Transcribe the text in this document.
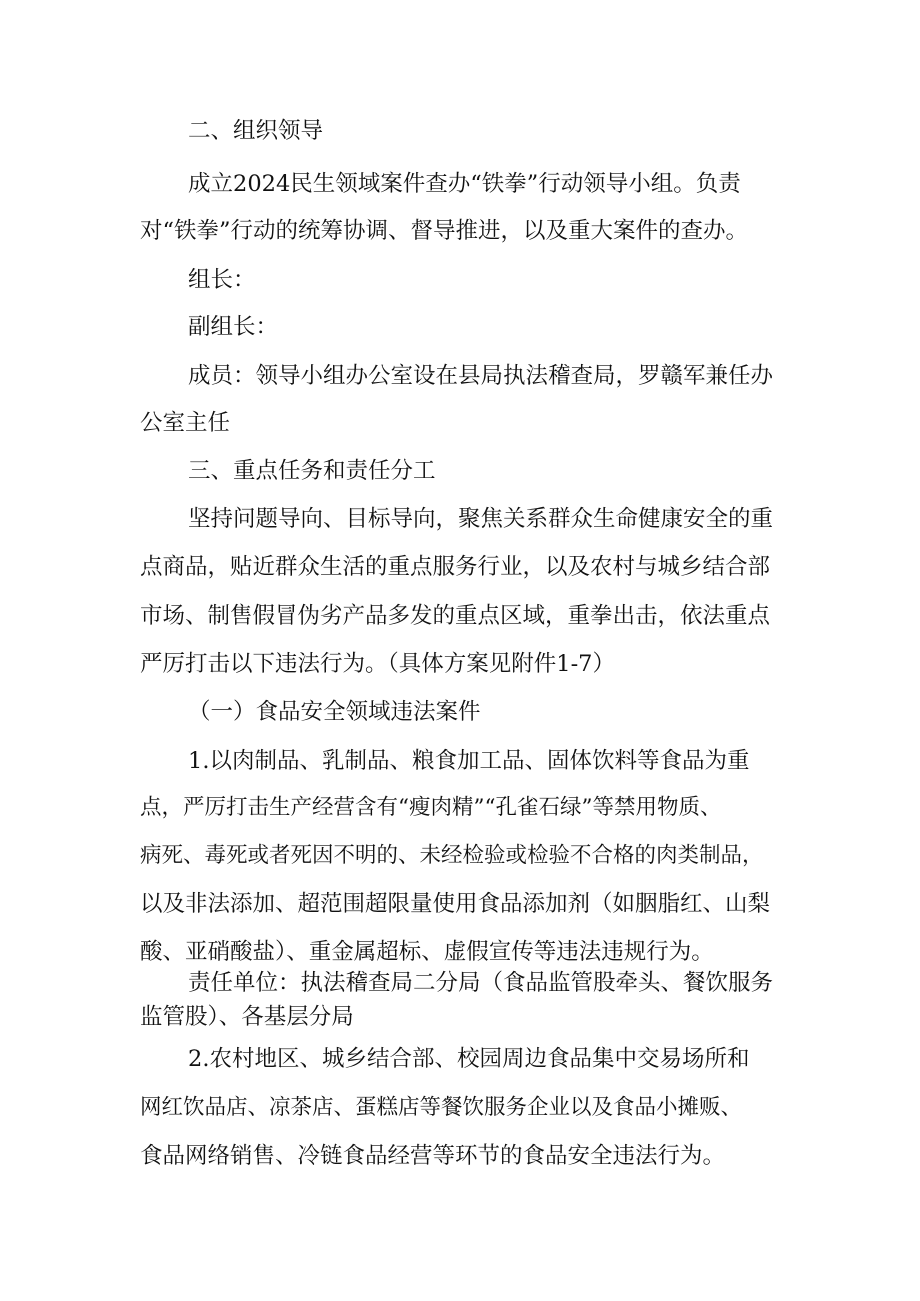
二、组织领导
成立2024民生领域案件查办“铁拳”行动领导小组。负责
对“铁拳”行动的统筹协调、督导推进，以及重大案件的查办。
组长：
副组长：
成员：领导小组办公室设在县局执法稽查局，罗赣军兼任办
公室主任
三、重点任务和责任分工
坚持问题导向、目标导向，聚焦关系群众生命健康安全的重
点商品，贴近群众生活的重点服务行业，以及农村与城乡结合部
市场、制售假冒伪劣产品多发的重点区域，重拳出击，依法重点
严厉打击以下违法行为。（具体方案见附件1-7）
（一）食品安全领域违法案件
1.以肉制品、乳制品、粮食加工品、固体饮料等食品为重
点，严厉打击生产经营含有“瘦肉精”“孔雀石绿”等禁用物质、
病死、毒死或者死因不明的、未经检验或检验不合格的肉类制品，
以及非法添加、超范围超限量使用食品添加剂（如胭脂红、山梨
酸、亚硝酸盐）、重金属超标、虚假宣传等违法违规行为。
责任单位：执法稽查局二分局（食品监管股牵头、餐饮服务
监管股）、各基层分局
2.农村地区、城乡结合部、校园周边食品集中交易场所和
网红饮品店、凉茶店、蛋糕店等餐饮服务企业以及食品小摊贩、
食品网络销售、冷链食品经营等环节的食品安全违法行为。
